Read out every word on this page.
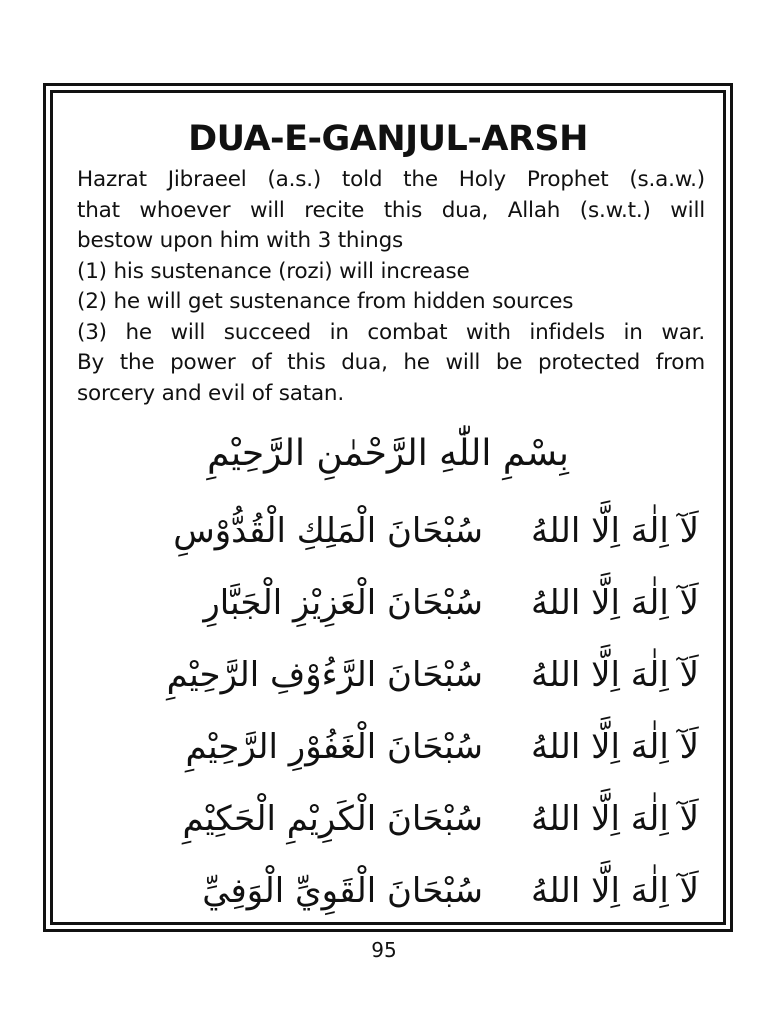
DUA-E-GANJUL-ARSH
Hazrat Jibraeel (a.s.) told the Holy Prophet (s.a.w.)
that whoever will recite this dua, Allah (s.w.t.) will
bestow upon him with 3 things
(1) his sustenance (rozi) will increase
(2) he will get sustenance from hidden sources
(3) he will succeed in combat with infidels in war.
By the power of this dua, he will be protected from
sorcery and evil of satan.
بِسْمِ اللّٰهِ الرَّحْمٰنِ الرَّحِيْمِ
لَآ اِلٰهَ اِلَّا اللهُ
سُبْحَانَ الْمَلِكِ الْقُدُّوْسِ
لَآ اِلٰهَ اِلَّا اللهُ
سُبْحَانَ الْعَزِيْزِ الْجَبَّارِ
لَآ اِلٰهَ اِلَّا اللهُ
سُبْحَانَ الرَّءُوْفِ الرَّحِيْمِ
لَآ اِلٰهَ اِلَّا اللهُ
سُبْحَانَ الْغَفُوْرِ الرَّحِيْمِ
لَآ اِلٰهَ اِلَّا اللهُ
سُبْحَانَ الْكَرِيْمِ الْحَكِيْمِ
لَآ اِلٰهَ اِلَّا اللهُ
سُبْحَانَ الْقَوِيِّ الْوَفِيِّ
95
